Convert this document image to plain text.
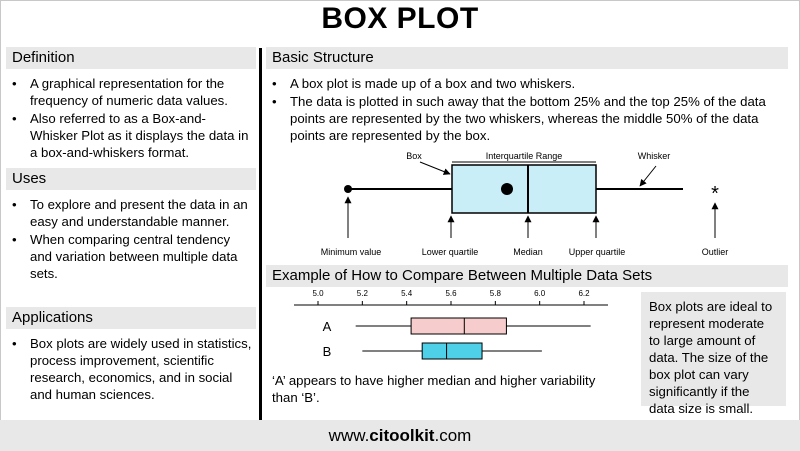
BOX PLOT
Definition
• A graphical representation for the frequency of numeric data values.
• Also referred to as a Box-and-Whisker Plot as it displays the data in a box-and-whiskers format.
Uses
• To explore and present the data in an easy and understandable manner.
• When comparing central tendency and variation between multiple data sets.
Applications
• Box plots are widely used in statistics, process improvement, scientific research, economics, and in social and human sciences.
Basic Structure
• A box plot is made up of a box and two whiskers.
• The data is plotted in such away that the bottom 25% and the top 25% of the data points are represented by the two whiskers, whereas the middle 50% of the data points are represented by the box.
*
Interquartile Range
Box	Whisker
Minimum value	Lower quartile	Median	Upper quartile	Outlier
5.0	5.2	5.4	5.6	5.8	6.0	6.2
A
B
Example of How to Compare Between Multiple Data Sets
‘A’ appears to have higher median and higher variability than ‘B’.
Box plots are ideal to represent moderate to large amount of data. The size of the box plot can vary significantly if the data size is small.
www.citoolkit.com
